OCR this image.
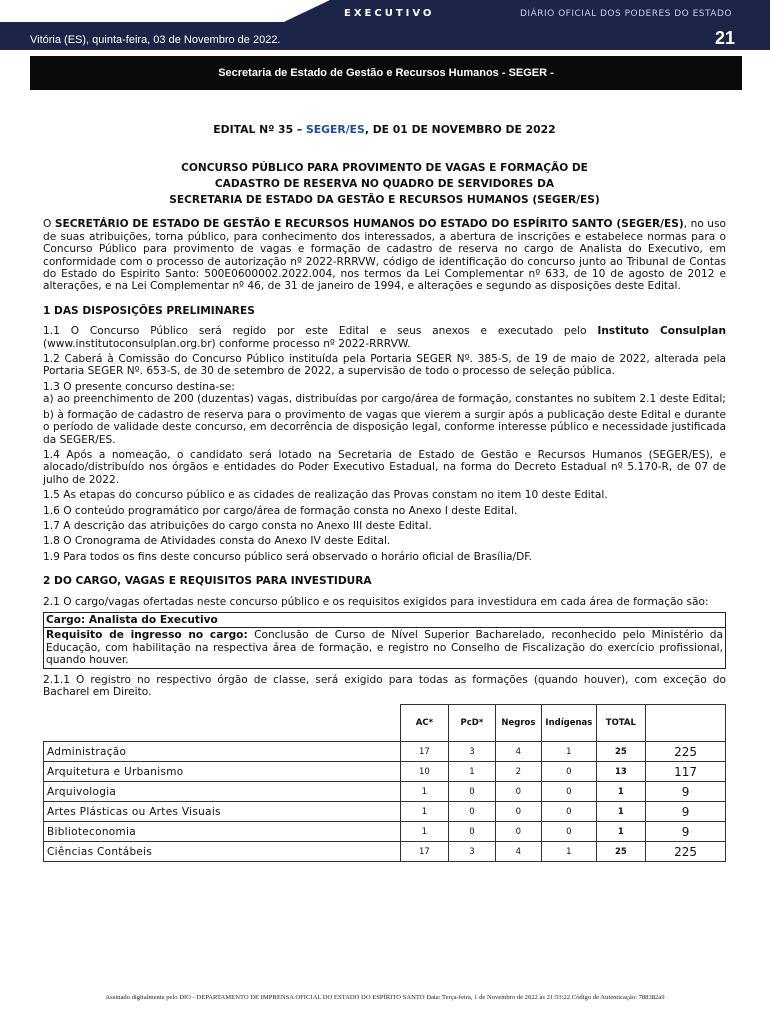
EXECUTIVO	DIÁRIO OFICIAL DOS PODERES DO ESTADO
Vitória (ES), quinta-feira, 03 de Novembro de 2022.	21
Secretaria de Estado de Gestão e Recursos Humanos - SEGER -
EDITAL Nº 35 – SEGER/ES, DE 01 DE NOVEMBRO DE 2022
CONCURSO PÚBLICO PARA PROVIMENTO DE VAGAS E FORMAÇÃO DE
CADASTRO DE RESERVA NO QUADRO DE SERVIDORES DA
SECRETARIA DE ESTADO DA GESTÃO E RECURSOS HUMANOS (SEGER/ES)

O SECRETÁRIO DE ESTADO DE GESTÃO E RECURSOS HUMANOS DO ESTADO DO ESPÍRITO SANTO (SEGER/ES), no uso de suas atribuições, torna público, para conhecimento dos interessados, a abertura de inscrições e estabelece normas para o Concurso Público para provimento de vagas e formação de cadastro de reserva no cargo de Analista do Executivo, em conformidade com o processo de autorização nº 2022-RRRVW, código de identificação do concurso junto ao Tribunal de Contas do Estado do Espirito Santo: 500E0600002.2022.004, nos termos da Lei Complementar nº 633, de 10 de agosto de 2012 e alterações, e na Lei Complementar nº 46, de 31 de janeiro de 1994, e alterações e segundo as disposições deste Edital.

1 DAS DISPOSIÇÕES PRELIMINARES

1.1 O Concurso Público será regido por este Edital e seus anexos e executado pelo Instituto Consulplan (www.institutoconsulplan.org.br) conforme processo nº 2022-RRRVW.

1.2 Caberá à Comissão do Concurso Público instituída pela Portaria SEGER Nº. 385-S, de 19 de maio de 2022, alterada pela Portaria SEGER Nº. 653-S, de 30 de setembro de 2022, a supervisão de todo o processo de seleção pública.

1.3 O presente concurso destina-se:

a) ao preenchimento de 200 (duzentas) vagas, distribuídas por cargo/área de formação, constantes no subitem 2.1 deste Edital;

b) à formação de cadastro de reserva para o provimento de vagas que vierem a surgir após a publicação deste Edital e durante o período de validade deste concurso, em decorrência de disposição legal, conforme interesse público e necessidade justificada da SEGER/ES.

1.4 Após a nomeação, o candidato será lotado na Secretaria de Estado de Gestão e Recursos Humanos (SEGER/ES), e alocado/distribuído nos órgãos e entidades do Poder Executivo Estadual, na forma do Decreto Estadual nº 5.170-R, de 07 de julho de 2022.

1.5 As etapas do concurso público e as cidades de realização das Provas constam no item 10 deste Edital.

1.6 O conteúdo programático por cargo/área de formação consta no Anexo I deste Edital.

1.7 A descrição das atribuições do cargo consta no Anexo III deste Edital.

1.8 O Cronograma de Atividades consta do Anexo IV deste Edital.

1.9 Para todos os fins deste concurso público será observado o horário oficial de Brasília/DF.

2 DO CARGO, VAGAS E REQUISITOS PARA INVESTIDURA

2.1 O cargo/vagas ofertadas neste concurso público e os requisitos exigidos para investidura em cada área de formação são:

Cargo: Analista do Executivo
Requisito de ingresso no cargo: Conclusão de Curso de Nível Superior Bacharelado, reconhecido pelo Ministério da Educação, com habilitação na respectiva área de formação, e registro no Conselho de Fiscalização do exercício profissional, quando houver.

2.1.1 O registro no respectivo órgão de classe, será exigido para todas as formações (quando houver), com exceção do Bacharel em Direito.

	AC*	PcD*	Negros	Indígenas	TOTAL	
Administração	17	3	4	1	25	225
Arquitetura e Urbanismo	10	1	2	0	13	117
Arquivologia	1	0	0	0	1	9
Artes Plásticas ou Artes Visuais	1	0	0	0	1	9
Biblioteconomia	1	0	0	0	1	9
Ciências Contábeis	17	3	4	1	25	225
Assinado digitalmente pelo DIO - DEPARTAMENTO DE IMPRENSA OFICIAL DO ESTADO DO ESPÍRITO SANTO Data: Terça-feira, 1 de Novembro de 2022 às 21:53:22 Código de Autenticação: 788382a9
